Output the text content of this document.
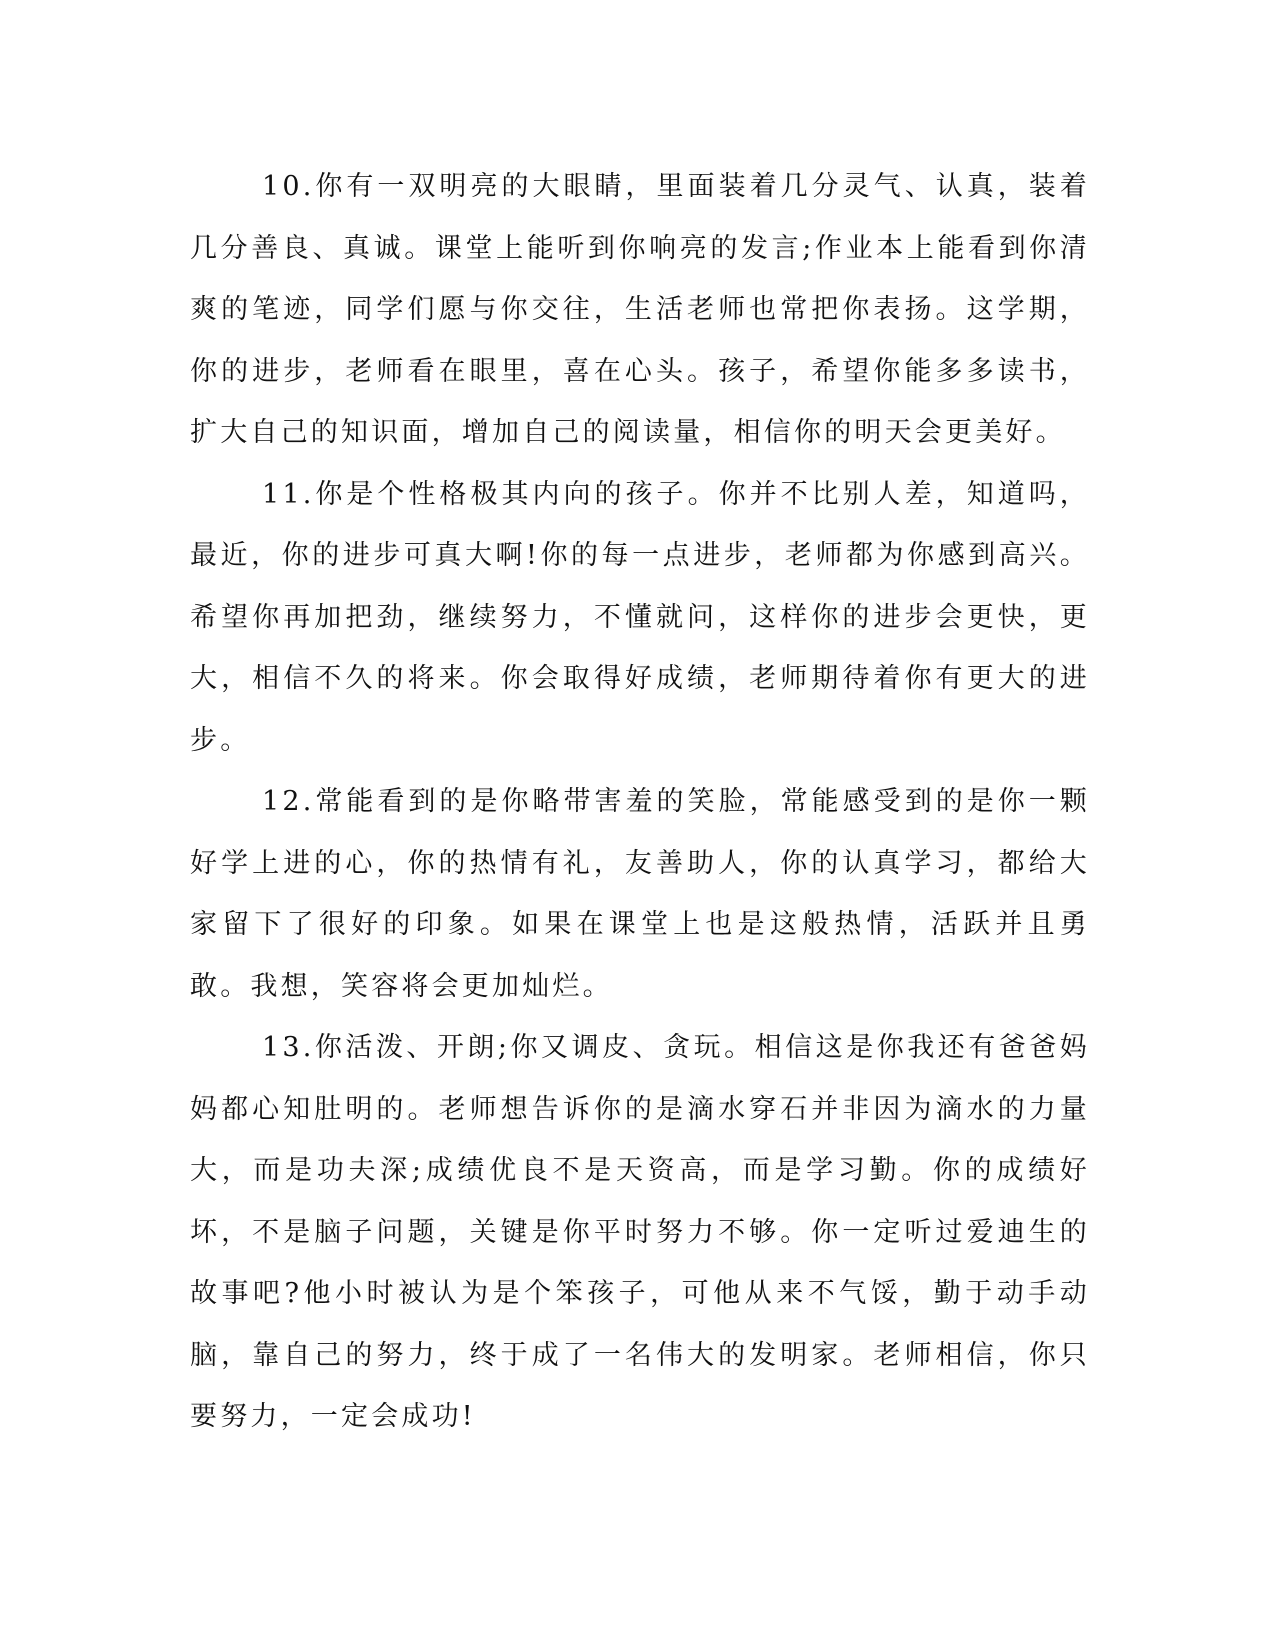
10.你有一双明亮的大眼睛，里面装着几分灵气、认真，装着几分善良、真诚。课堂上能听到你响亮的发言;作业本上能看到你清爽的笔迹，同学们愿与你交往，生活老师也常把你表扬。这学期，你的进步，老师看在眼里，喜在心头。孩子，希望你能多多读书，扩大自己的知识面，增加自己的阅读量，相信你的明天会更美好。

11.你是个性格极其内向的孩子。你并不比别人差，知道吗，最近，你的进步可真大啊!你的每一点进步，老师都为你感到高兴。希望你再加把劲，继续努力，不懂就问，这样你的进步会更快，更大，相信不久的将来。你会取得好成绩，老师期待着你有更大的进步。

12.常能看到的是你略带害羞的笑脸，常能感受到的是你一颗好学上进的心，你的热情有礼，友善助人，你的认真学习，都给大家留下了很好的印象。如果在课堂上也是这般热情，活跃并且勇敢。我想，笑容将会更加灿烂。

13.你活泼、开朗;你又调皮、贪玩。相信这是你我还有爸爸妈妈都心知肚明的。老师想告诉你的是滴水穿石并非因为滴水的力量大，而是功夫深;成绩优良不是天资高，而是学习勤。你的成绩好坏，不是脑子问题，关键是你平时努力不够。你一定听过爱迪生的故事吧?他小时被认为是个笨孩子，可他从来不气馁，勤于动手动脑，靠自己的努力，终于成了一名伟大的发明家。老师相信，你只要努力，一定会成功!
